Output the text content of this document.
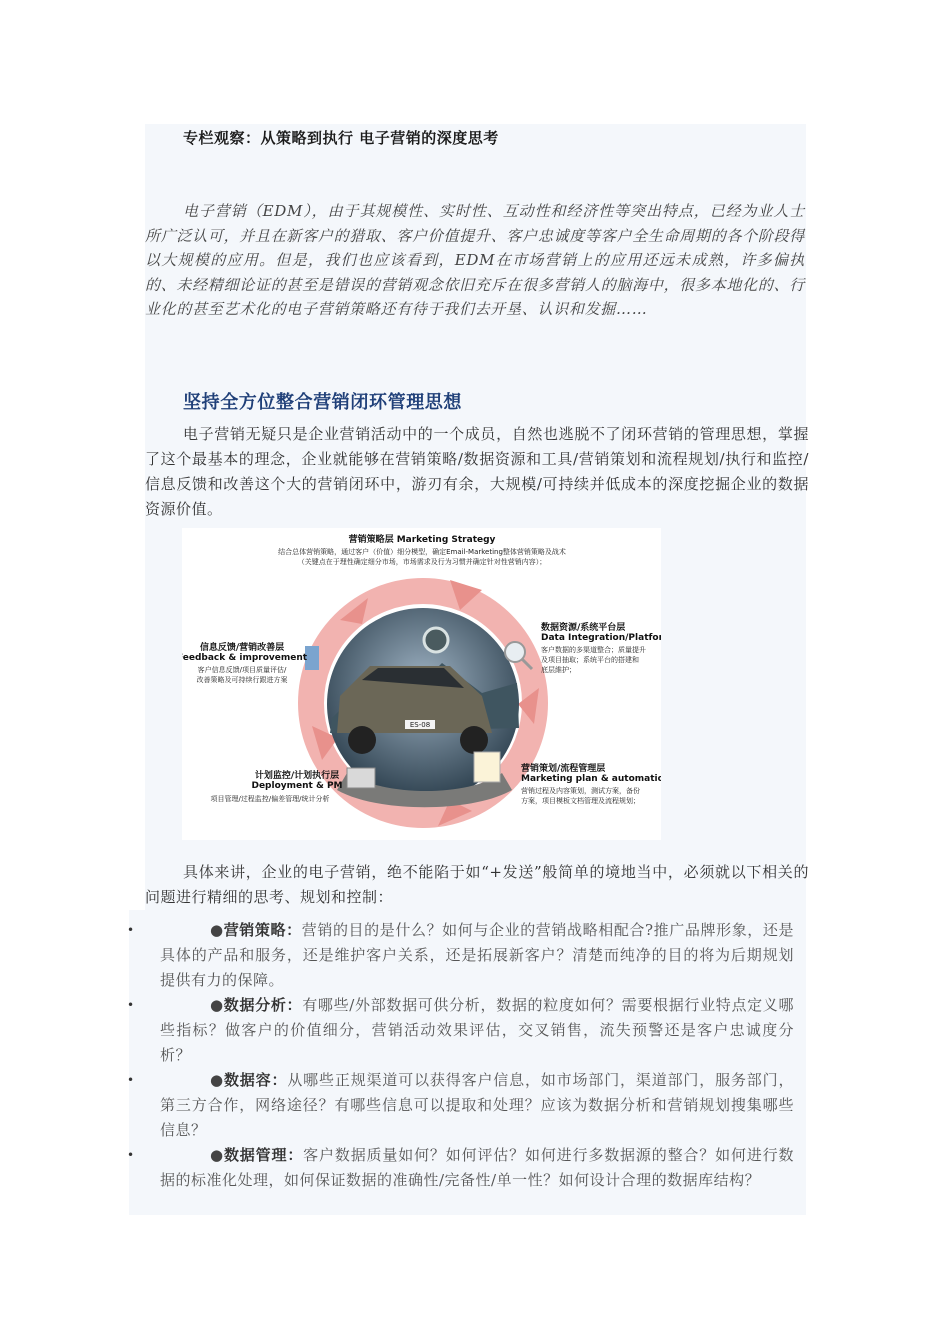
专栏观察：从策略到执行 电子营销的深度思考
电子营销（EDM），由于其规模性、实时性、互动性和经济性等突出特点，已经为业人士所广泛认可，并且在新客户的猎取、客户价值提升、客户忠诚度等客户全生命周期的各个阶段得以大规模的应用。但是，我们也应该看到，EDM在市场营销上的应用还远未成熟，许多偏执的、未经精细论证的甚至是错误的营销观念依旧充斥在很多营销人的脑海中，很多本地化的、行业化的甚至艺术化的电子营销策略还有待于我们去开垦、认识和发掘……
坚持全方位整合营销闭环管理思想
电子营销无疑只是企业营销活动中的一个成员，自然也逃脱不了闭环营销的管理思想，掌握了这个最基本的理念，企业就能够在营销策略/数据资源和工具/营销策划和流程规划/执行和监控/信息反馈和改善这个大的营销闭环中，游刃有余，大规模/可持续并低成本的深度挖掘企业的数据资源价值。
ES-08
营销策略层 Marketing Strategy
结合总体营销策略，通过客户（价值）细分模型，确定Email-Marketing整体营销策略及战术
（关键点在于理性确定细分市场，市场需求及行为习惯并确定针对性营销内容）；
数据资源/系统平台层
Data Integration/Platform
客户数据的多渠道整合；质量提升
及项目抽取；系统平台的搭建和
底层維护；
营销策划/流程管理层
Marketing plan & automation
营销过程及内容策划，测试方案，备份
方案，项目模板文档管理及流程规划；
计划监控/计划执行层
Deployment & PM
项目管理/过程监控/偏差管理/统计分析
信息反馈/营销改善层
Feedback & improvement
客户信息反馈/项目质量评估/
改善策略及可持续行跟进方案
具体来讲，企业的电子营销，绝不能陷于如“+发送”般简单的境地当中，必须就以下相关的问题进行精细的思考、规划和控制：
•	●营销策略：营销的目的是什么？如何与企业的营销战略相配合?推广品牌形象，还是具体的产品和服务，还是维护客户关系，还是拓展新客户？清楚而纯净的目的将为后期规划提供有力的保障。
•	●数据分析：有哪些/外部数据可供分析，数据的粒度如何？需要根据行业特点定义哪些指标？做客户的价值细分，营销活动效果评估，交叉销售，流失预警还是客户忠诚度分析？
•	●数据容：从哪些正规渠道可以获得客户信息，如市场部门，渠道部门，服务部门，第三方合作，网络途径？有哪些信息可以提取和处理？应该为数据分析和营销规划搜集哪些信息？
•	●数据管理：客户数据质量如何？如何评估？如何进行多数据源的整合？如何进行数据的标准化处理，如何保证数据的准确性/完备性/单一性？如何设计合理的数据库结构？
